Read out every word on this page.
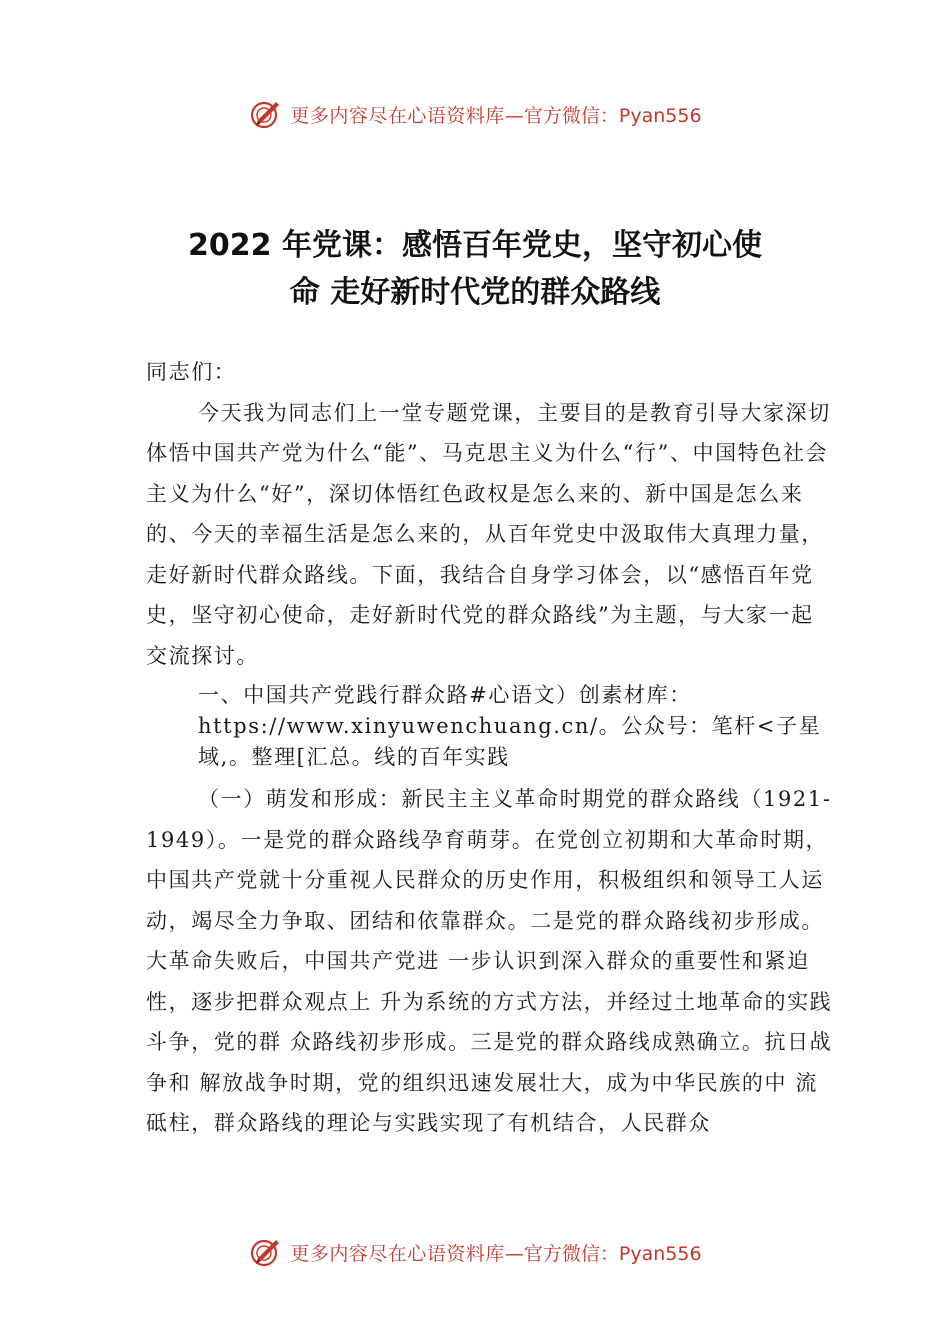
更多内容尽在心语资料库 —官方微信：Pyan556
2022 年党课：感悟百年党史，坚守初心使
命 走好新时代党的群众路线

同志们：

今天我为同志们上一堂专题党课，主要目的是教育引导大家深切体悟中国共产党为什么“能”、马克思主义为什么“行”、中国特色社会主义为什么“好”，深切体悟红色政权是怎么来的、新中国是怎么来的、今天的幸福生活是怎么来的，从百年党史中汲取伟大真理力量，走好新时代群众路线。下面，我结合自身学习体会，以“感悟百年党史，坚守初心使命，走好新时代党的群众路线”为主题，与大家一起交流探讨。

一、中国共产党践行群众路#心语文）创素材库：https://www.xinyuwenchuang.cn/。公众号：笔杆<子星域,。整理[汇总。线的百年实践

（一）萌发和形成：新民主主义革命时期党的群众路线（1921-1949）。一是党的群众路线孕育萌芽。在党创立初期和大革命时期，中国共产党就十分重视人民群众的历史作用，积极组织和领导工人运动，竭尽全力争取、团结和依靠群众。二是党的群众路线初步形成。大革命失败后，中国共产党进 一步认识到深入群众的重要性和紧迫性，逐步把群众观点上 升为系统的方式方法，并经过土地革命的实践斗争，党的群 众路线初步形成。三是党的群众路线成熟确立。抗日战争和 解放战争时期，党的组织迅速发展壮大，成为中华民族的中 流砥柱，群众路线的理论与实践实现了有机结合，人民群众

更多内容尽在心语资料库 —官方微信：Pyan556
